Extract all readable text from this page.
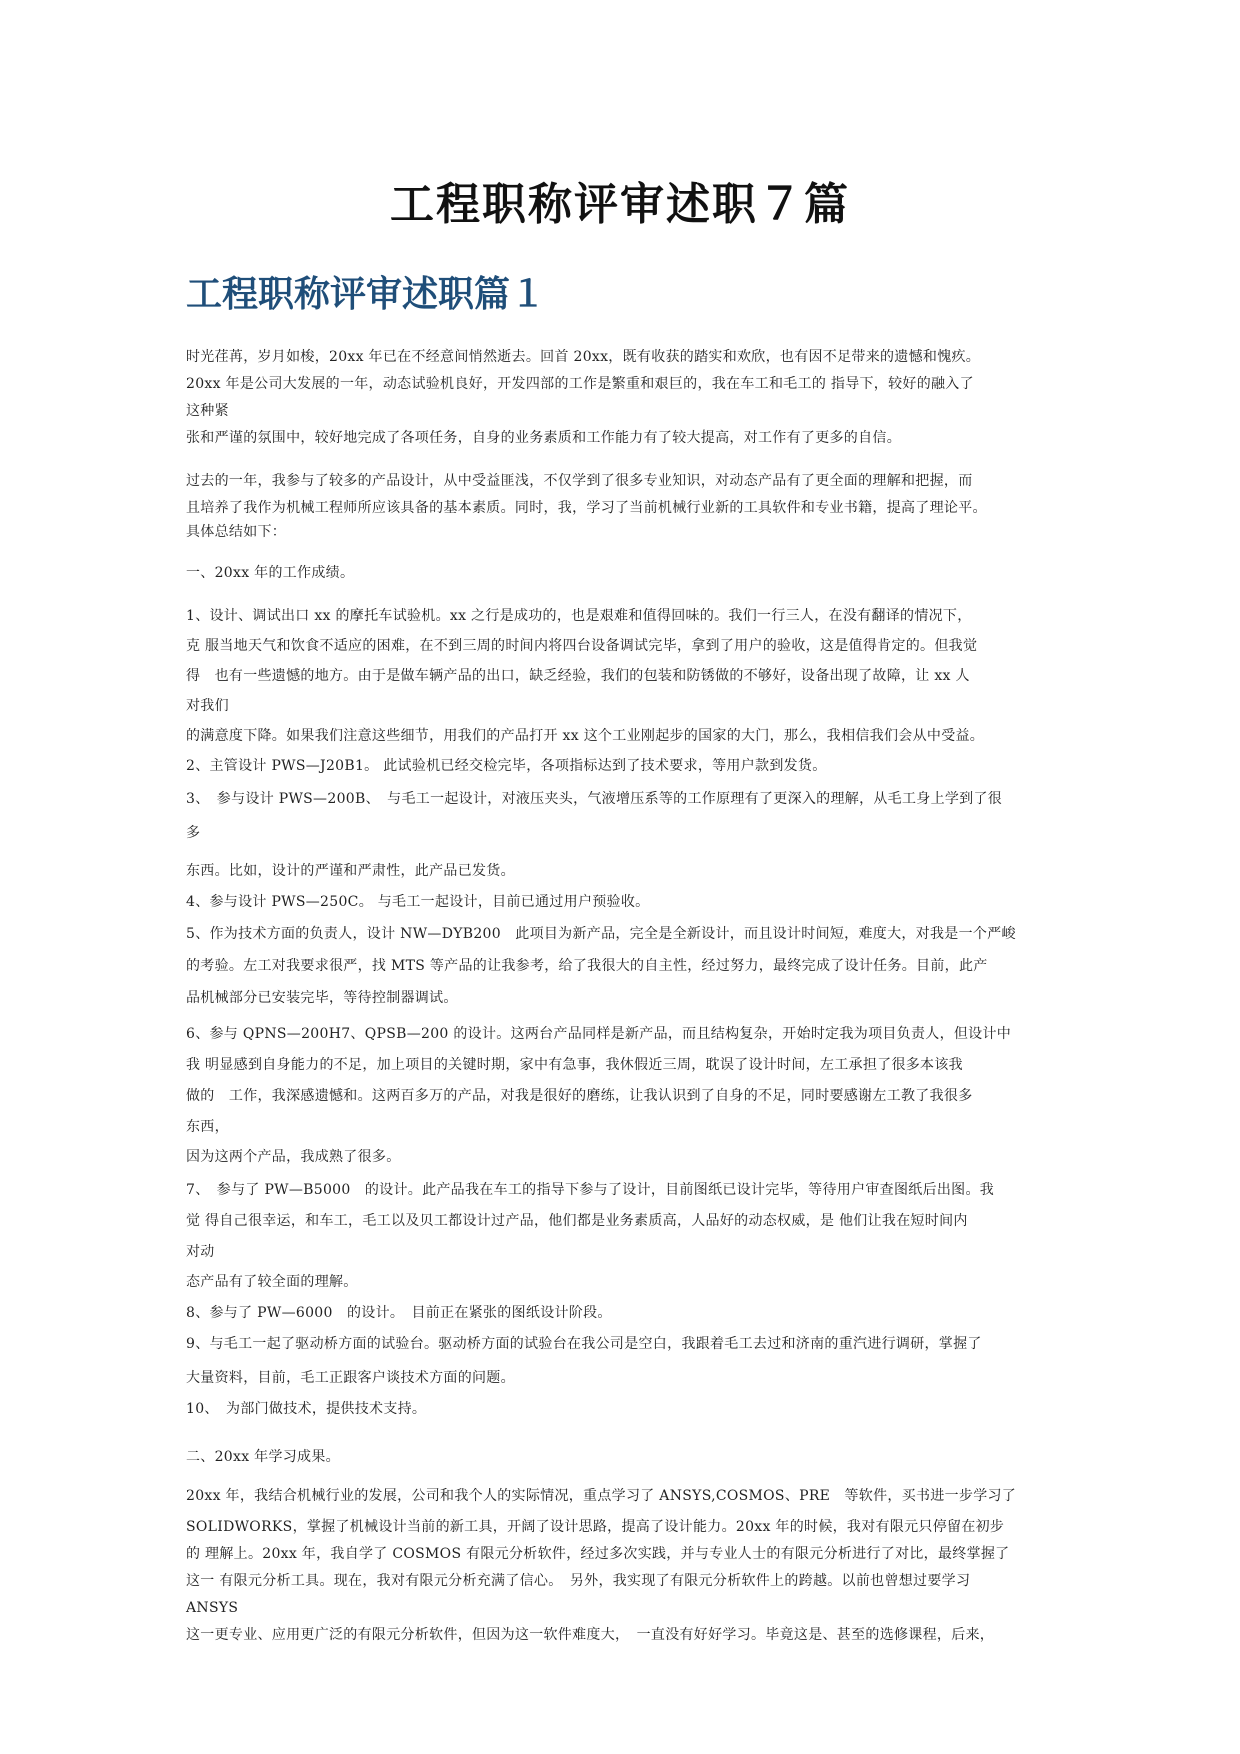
工程职称评审述职７篇
工程职称评审述职篇１

时光荏苒，岁月如梭，20xx 年已在不经意间悄然逝去。回首 20xx，既有收获的踏实和欢欣，也有因不足带来的遗憾和愧疚。

20xx 年是公司大发展的一年，动态试验机良好，开发四部的工作是繁重和艰巨的，我在车工和毛工的 指导下，较好的融入了

这种紧

张和严谨的氛围中，较好地完成了各项任务，自身的业务素质和工作能力有了较大提高，对工作有了更多的自信。

过去的一年，我参与了较多的产品设计，从中受益匪浅，不仅学到了很多专业知识，对动态产品有了更全面的理解和把握，而

且培养了我作为机械工程师所应该具备的基本素质。同时，我，学习了当前机械行业新的工具软件和专业书籍，提高了理论平。

具体总结如下：

一、20xx 年的工作成绩。

1、设计、调试出口 xx 的摩托车试验机。xx 之行是成功的，也是艰难和值得回味的。我们一行三人，在没有翻译的情况下，

克 服当地天气和饮食不适应的困难，在不到三周的时间内将四台设备调试完毕，拿到了用户的验收，这是值得肯定的。但我觉

得　也有一些遗憾的地方。由于是做车辆产品的出口，缺乏经验，我们的包装和防锈做的不够好，设备出现了故障，让 xx 人

对我们

的满意度下降。如果我们注意这些细节，用我们的产品打开 xx 这个工业刚起步的国家的大门，那么，我相信我们会从中受益。

2、主管设计 PWS—J20B1。 此试验机已经交检完毕，各项指标达到了技术要求，等用户款到发货。

3、　参与设计 PWS—200B、　与毛工一起设计，对液压夹头，气液增压系等的工作原理有了更深入的理解，从毛工身上学到了很

多

东西。比如，设计的严谨和严肃性，此产品已发货。

4、参与设计 PWS—250C。 与毛工一起设计，目前已通过用户预验收。

5、作为技术方面的负责人，设计 NW—DYB200　此项目为新产品，完全是全新设计，而且设计时间短，难度大，对我是一个严峻

的考验。左工对我要求很严，找 MTS 等产品的让我参考，给了我很大的自主性，经过努力，最终完成了设计任务。目前，此产

品机械部分已安装完毕，等待控制器调试。

6、参与 QPNS—200H7、QPSB—200 的设计。这两台产品同样是新产品，而且结构复杂，开始时定我为项目负责人，但设计中

我 明显感到自身能力的不足，加上项目的关键时期，家中有急事，我休假近三周，耽误了设计时间，左工承担了很多本该我

做的　工作，我深感遗憾和。这两百多万的产品，对我是很好的磨练，让我认识到了自身的不足，同时要感谢左工教了我很多

东西，

因为这两个产品，我成熟了很多。

7、　参与了 PW—B5000　的设计。此产品我在车工的指导下参与了设计，目前图纸已设计完毕，等待用户审查图纸后出图。我

觉 得自己很幸运，和车工，毛工以及贝工都设计过产品，他们都是业务素质高，人品好的动态权威，是 他们让我在短时间内

对动

态产品有了较全面的理解。

8、参与了 PW—6000　的设计。　目前正在紧张的图纸设计阶段。

9、与毛工一起了驱动桥方面的试验台。驱动桥方面的试验台在我公司是空白，我跟着毛工去过和济南的重汽进行调研，掌握了

大量资料，目前，毛工正跟客户谈技术方面的问题。

10、　为部门做技术，提供技术支持。

二、20xx 年学习成果。

20xx 年，我结合机械行业的发展，公司和我个人的实际情况，重点学习了 ANSYS,COSMOS、PRE　等软件，买书进一步学习了

SOLIDWORKS，掌握了机械设计当前的新工具，开阔了设计思路，提高了设计能力。20xx 年的时候，我对有限元只停留在初步

的 理解上。20xx 年，我自学了 COSMOS 有限元分析软件，经过多次实践，并与专业人士的有限元分析进行了对比，最终掌握了

这一 有限元分析工具。现在，我对有限元分析充满了信心。　另外，我实现了有限元分析软件上的跨越。以前也曾想过要学习

ANSYS

这一更专业、应用更广泛的有限元分析软件，但因为这一软件难度大，　一直没有好好学习。毕竟这是、甚至的选修课程，后来，
